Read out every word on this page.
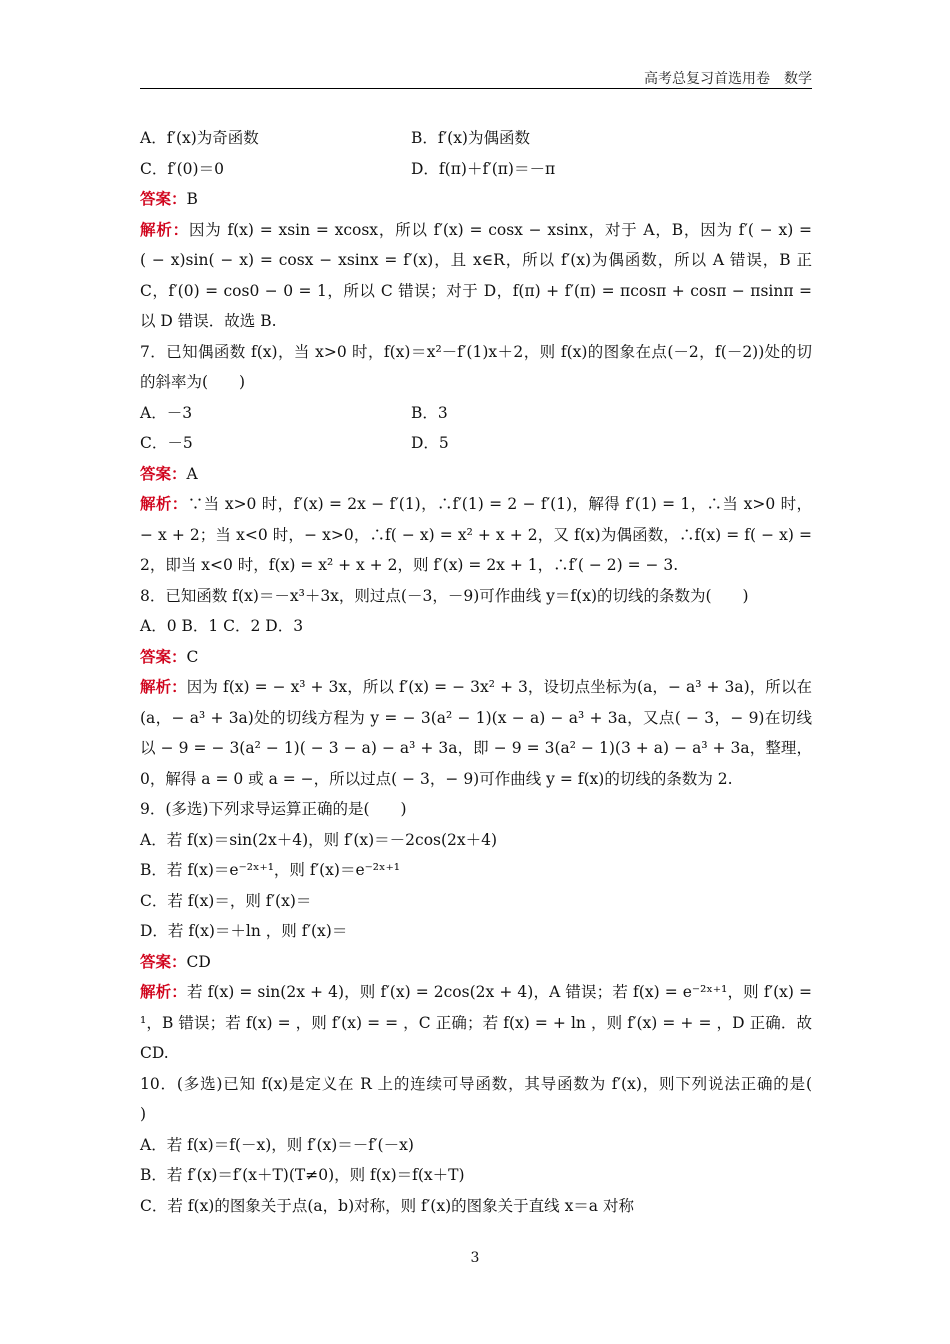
高考总复习首选用卷　数学
A．f′(x)为奇函数	B．f′(x)为偶函数
C．f′(0)＝0	D．f(π)＋f′(π)＝－π
答案：B
解析：因为 f(x) = xsin = xcosx，所以 f′(x) = cosx − xsinx，对于 A，B，因为 f′( − x) =
( − x)sin( − x) = cosx − xsinx = f′(x)，且 x∈R，所以 f′(x)为偶函数，所以 A 错误，B 正
C，f′(0) = cos0 − 0 = 1，所以 C 错误；对于 D，f(π) + f′(π) = πcosπ + cosπ − πsinπ =
以 D 错误．故选 B.
7．已知偶函数 f(x)，当 x>0 时，f(x)＝x²－f′(1)x＋2，则 f(x)的图象在点(－2，f(－2))处的切
的斜率为(　　)
A．－3	B．3
C．－5	D．5
答案：A
解析：∵当 x>0 时，f′(x) = 2x − f′(1)，∴f′(1) = 2 − f′(1)，解得 f′(1) = 1，∴当 x>0 时，
− x + 2；当 x<0 时，− x>0，∴f( − x) = x² + x + 2，又 f(x)为偶函数，∴f(x) = f( − x) =
2，即当 x<0 时，f(x) = x² + x + 2，则 f′(x) = 2x + 1，∴f′( − 2) = − 3.
8．已知函数 f(x)＝－x³＋3x，则过点(－3，－9)可作曲线 y＝f(x)的切线的条数为(　　)
A．0 B．1 C．2 D．3
答案：C
解析：因为 f(x) = − x³ + 3x，所以 f′(x) = − 3x² + 3，设切点坐标为(a，− a³ + 3a)，所以在
(a，− a³ + 3a)处的切线方程为 y = − 3(a² − 1)(x − a) − a³ + 3a，又点( − 3，− 9)在切线
以 − 9 = − 3(a² − 1)( − 3 − a) − a³ + 3a，即 − 9 = 3(a² − 1)(3 + a) − a³ + 3a，整理，
0，解得 a = 0 或 a = −，所以过点( − 3，− 9)可作曲线 y = f(x)的切线的条数为 2.
9．(多选)下列求导运算正确的是(　　)
A．若 f(x)＝sin(2x＋4)，则 f′(x)＝－2cos(2x＋4)
B．若 f(x)＝e⁻²ˣ⁺¹，则 f′(x)＝e⁻²ˣ⁺¹
C．若 f(x)＝，则 f′(x)＝
D．若 f(x)＝＋ln ，则 f′(x)＝
答案：CD
解析：若 f(x) = sin(2x + 4)，则 f′(x) = 2cos(2x + 4)，A 错误；若 f(x) = e⁻²ˣ⁺¹，则 f′(x) =
¹，B 错误；若 f(x) = ，则 f′(x) = = ，C 正确；若 f(x) = + ln ，则 f′(x) = + = ，D 正确．故
CD.
10．(多选)已知 f(x)是定义在 R 上的连续可导函数，其导函数为 f′(x)，则下列说法正确的是(
)
A．若 f(x)＝f(－x)，则 f′(x)＝－f′(－x)
B．若 f′(x)＝f′(x＋T)(T≠0)，则 f(x)＝f(x＋T)
C．若 f(x)的图象关于点(a，b)对称，则 f′(x)的图象关于直线 x＝a 对称
3
